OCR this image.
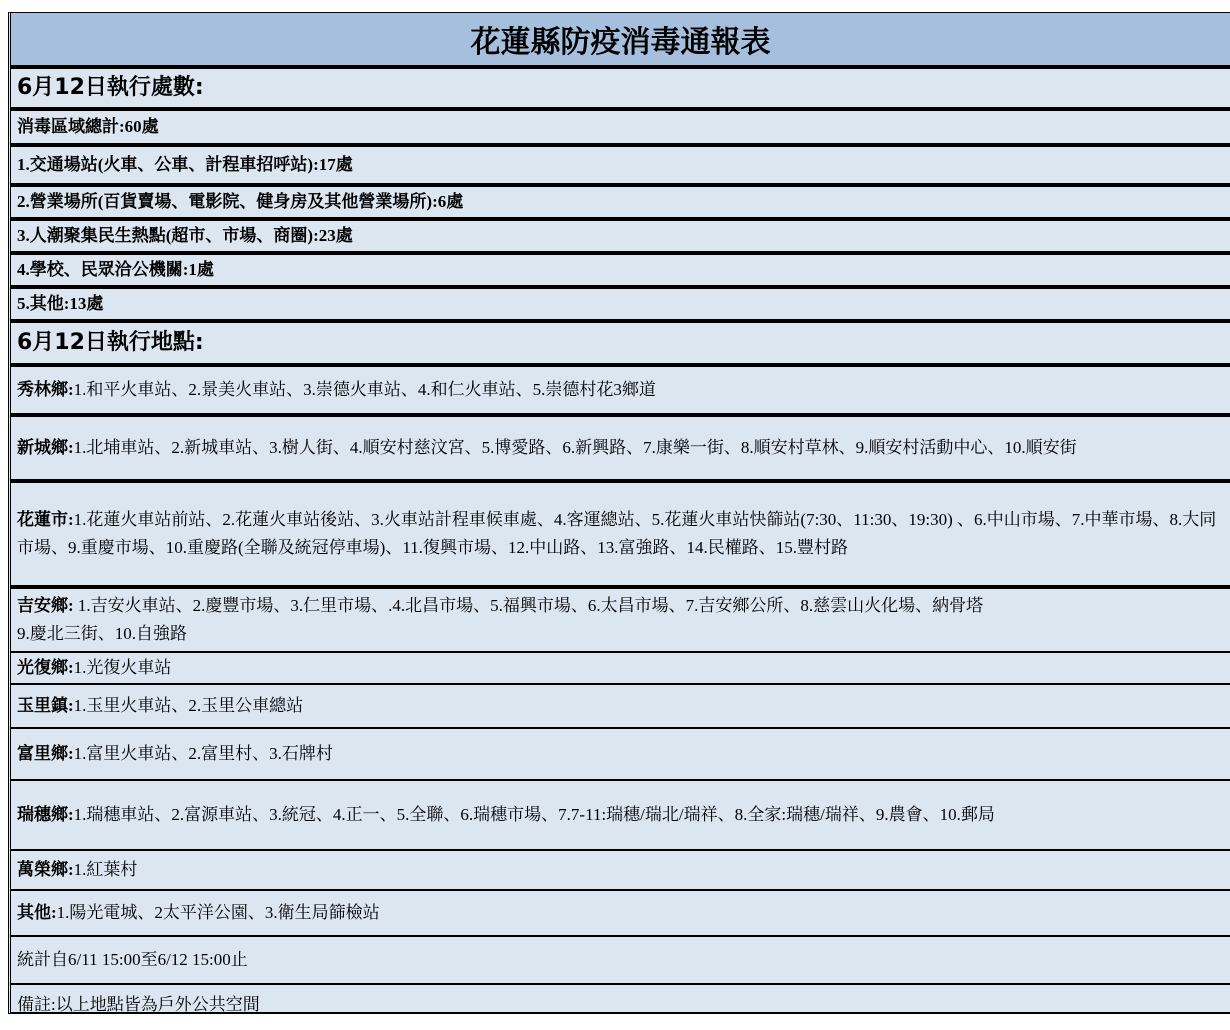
花蓮縣防疫消毒通報表
6月12日執行處數:
消毒區域總計:60處
1.交通場站(火車、公車、計程車招呼站):17處
2.營業場所(百貨賣場、電影院、健身房及其他營業場所):6處
3.人潮聚集民生熱點(超市、市場、商圈):23處
4.學校、民眾洽公機關:1處
5.其他:13處
6月12日執行地點:
秀林鄉:1.和平火車站、2.景美火車站、3.崇德火車站、4.和仁火車站、5.崇德村花3鄉道
新城鄉:1.北埔車站、2.新城車站、3.樹人街、4.順安村慈汶宮、5.博愛路、6.新興路、7.康樂一街、8.順安村草林、9.順安村活動中心、10.順安街
花蓮市:1.花蓮火車站前站、2.花蓮火車站後站、3.火車站計程車候車處、4.客運總站、5.花蓮火車站快篩站(7:30、11:30、19:30) 、6.中山市場、7.中華市場、8.大同市場、9.重慶市場、10.重慶路(全聯及統冠停車場)、11.復興市場、12.中山路、13.富強路、14.民權路、15.豐村路
吉安鄉: 1.吉安火車站、2.慶豐市場、3.仁里市場、.4.北昌市場、5.福興市場、6.太昌市場、7.吉安鄉公所、8.慈雲山火化場、納骨塔
9.慶北三街、10.自強路
光復鄉:1.光復火車站
玉里鎮:1.玉里火車站、2.玉里公車總站
富里鄉:1.富里火車站、2.富里村、3.石牌村
瑞穗鄉:1.瑞穗車站、2.富源車站、3.統冠、4.正一、5.全聯、6.瑞穗市場、7.7-11:瑞穗/瑞北/瑞祥、8.全家:瑞穗/瑞祥、9.農會、10.郵局
萬榮鄉:1.紅葉村
其他:1.陽光電城、2太平洋公園、3.衛生局篩檢站
統計自6/11 15:00至6/12 15:00止
備註:以上地點皆為戶外公共空間
